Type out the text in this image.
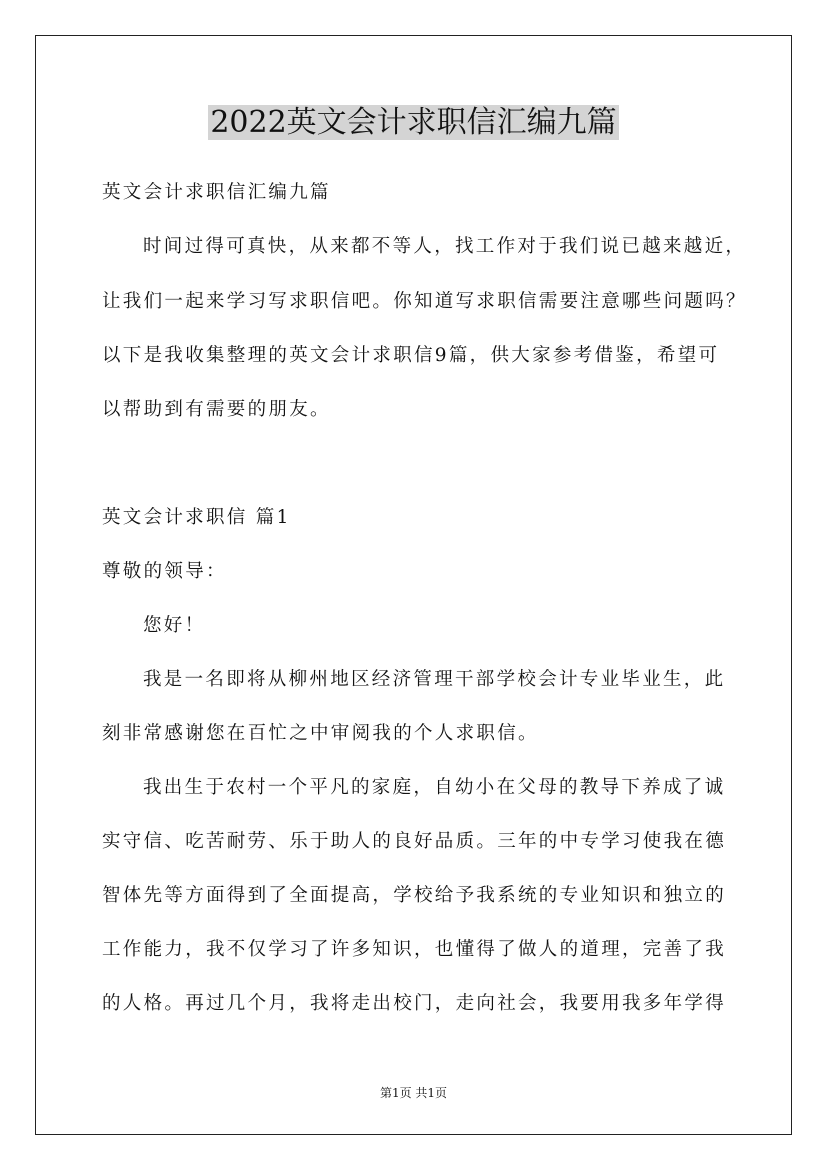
2022英文会计求职信汇编九篇
英文会计求职信汇编九篇
时间过得可真快，从来都不等人，找工作对于我们说已越来越近，
让我们一起来学习写求职信吧。你知道写求职信需要注意哪些问题吗？
以下是我收集整理的英文会计求职信9篇，供大家参考借鉴，希望可
以帮助到有需要的朋友。
英文会计求职信 篇1
尊敬的领导：
您好！
我是一名即将从柳州地区经济管理干部学校会计专业毕业生，此
刻非常感谢您在百忙之中审阅我的个人求职信。
我出生于农村一个平凡的家庭，自幼小在父母的教导下养成了诚
实守信、吃苦耐劳、乐于助人的良好品质。三年的中专学习使我在德
智体先等方面得到了全面提高，学校给予我系统的专业知识和独立的
工作能力，我不仅学习了许多知识，也懂得了做人的道理，完善了我
的人格。再过几个月，我将走出校门，走向社会，我要用我多年学得
第1页 共1页
